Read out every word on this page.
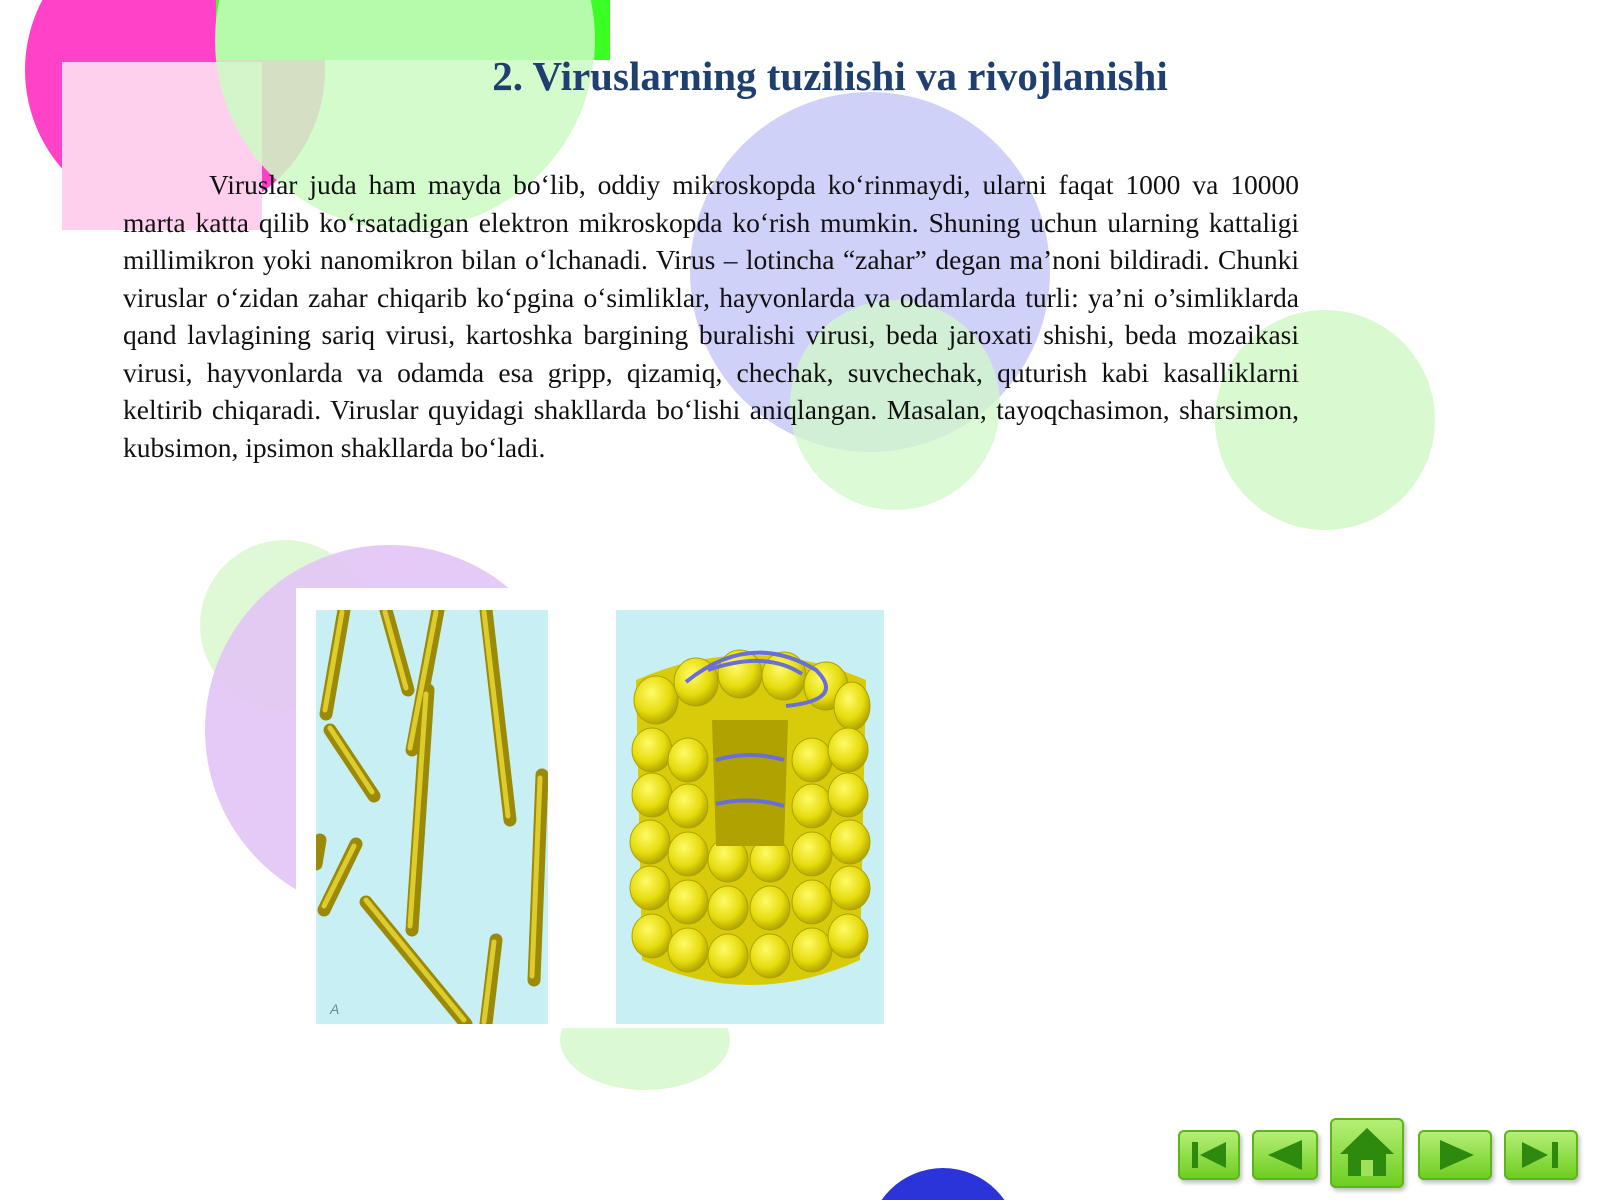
2. Viruslarning tuzilishi va rivojlanishi

Viruslar juda ham mayda bo‘lib, oddiy mikroskopda ko‘rinmaydi, ularni faqat 1000 va 10000 marta katta qilib ko‘rsatadigan elektron mikroskopda ko‘rish mumkin. Shuning uchun ularning kattaligi millimikron yoki nanomikron bilan o‘lchanadi. Virus – lotincha “zahar” degan ma’noni bildiradi. Chunki viruslar o‘zidan zahar chiqarib ko‘pgina o‘simliklar, hayvonlarda va odamlarda turli: ya’ni o’simliklarda qand lavlagining sariq virusi, kartoshka bargining buralishi virusi, beda jaroxati shishi, beda mozaikasi virusi, hayvonlarda va odamda esa gripp, qizamiq, chechak, suvchechak, quturish kabi kasalliklarni keltirib chiqaradi. Viruslar quyidagi shakllarda bo‘lishi aniqlangan. Masalan, tayoqchasimon, sharsimon, kubsimon, ipsimon shakllarda bo‘ladi.

A
